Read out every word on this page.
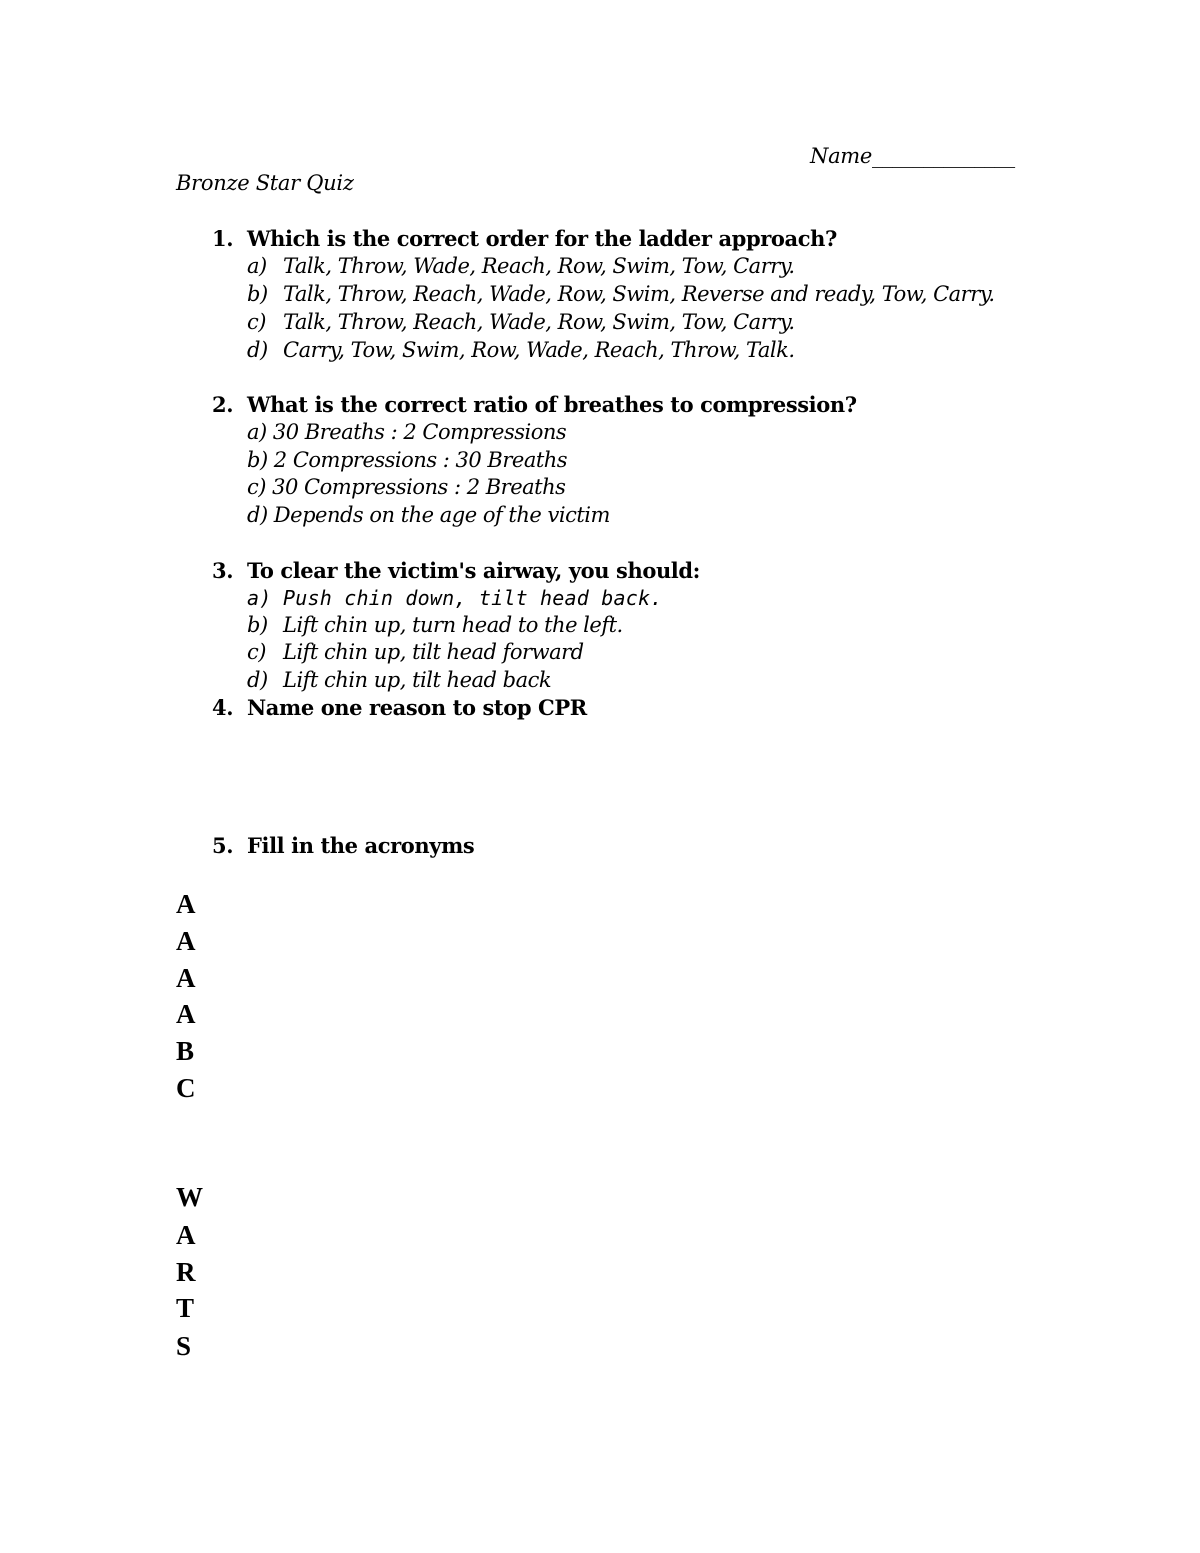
Name______________
Bronze Star Quiz
1. Which is the correct order for the ladder approach?
a) Talk, Throw, Wade, Reach, Row, Swim, Tow, Carry.
b) Talk, Throw, Reach, Wade, Row, Swim, Reverse and ready, Tow, Carry.
c) Talk, Throw, Reach, Wade, Row, Swim, Tow, Carry.
d) Carry, Tow, Swim, Row, Wade, Reach, Throw, Talk.
2. What is the correct ratio of breathes to compression?
a) 30 Breaths : 2 Compressions
b) 2 Compressions : 30 Breaths
c) 30 Compressions : 2 Breaths
d) Depends on the age of the victim
3. To clear the victim's airway, you should:
a) Push chin down, tilt head back.
b) Lift chin up, turn head to the left.
c) Lift chin up, tilt head forward
d) Lift chin up, tilt head back
4. Name one reason to stop CPR
5. Fill in the acronyms
A
A
A
A
B
C
W
A
R
T
S
